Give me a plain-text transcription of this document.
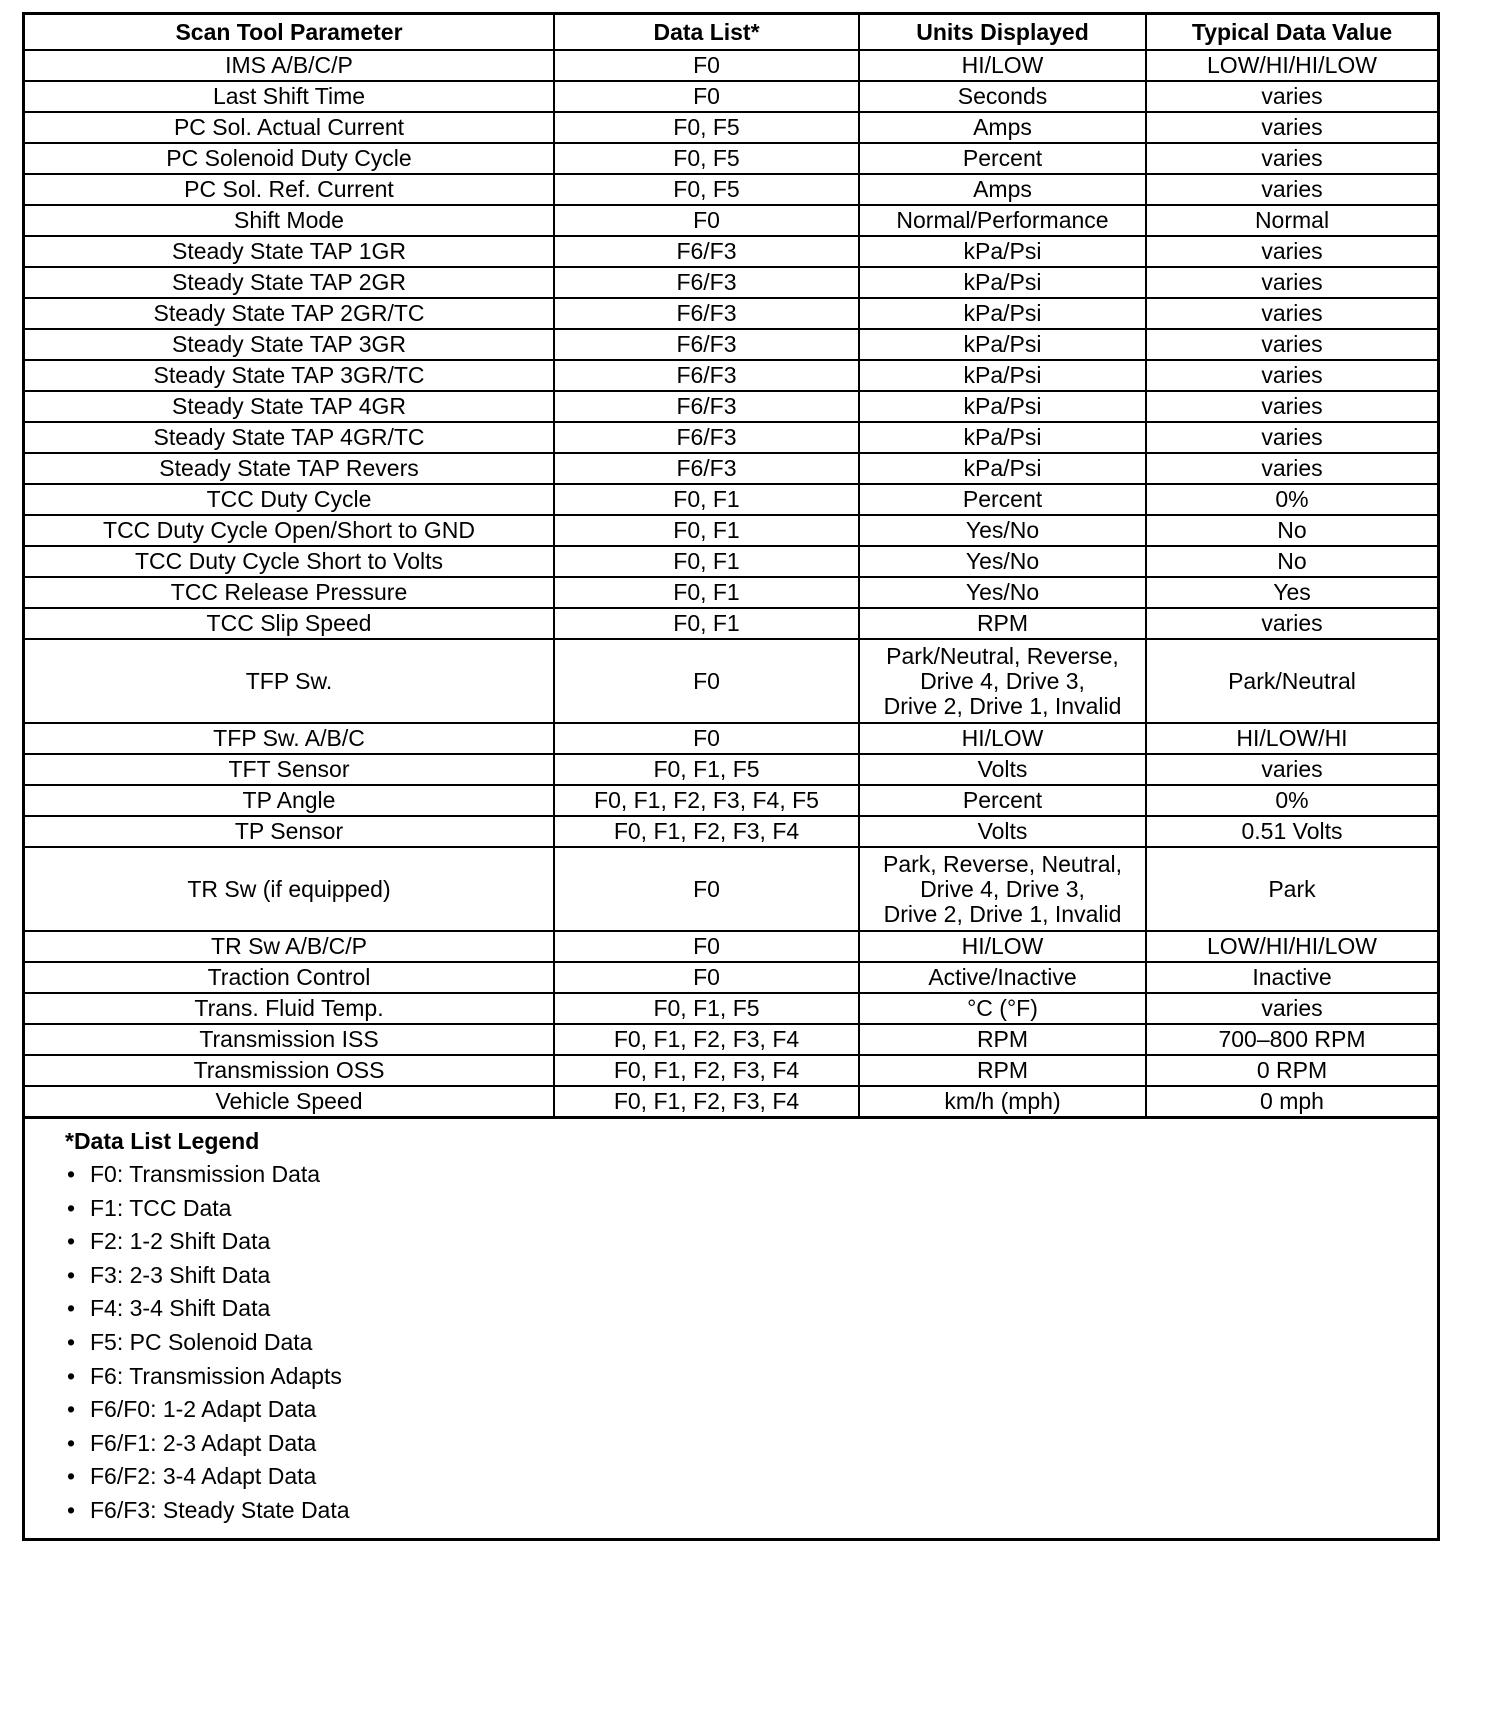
Scan Tool Parameter	Data List*	Units Displayed	Typical Data Value
IMS A/B/C/P	F0	HI/LOW	LOW/HI/HI/LOW
Last Shift Time	F0	Seconds	varies
PC Sol. Actual Current	F0, F5	Amps	varies
PC Solenoid Duty Cycle	F0, F5	Percent	varies
PC Sol. Ref. Current	F0, F5	Amps	varies
Shift Mode	F0	Normal/Performance	Normal
Steady State TAP 1GR	F6/F3	kPa/Psi	varies
Steady State TAP 2GR	F6/F3	kPa/Psi	varies
Steady State TAP 2GR/TC	F6/F3	kPa/Psi	varies
Steady State TAP 3GR	F6/F3	kPa/Psi	varies
Steady State TAP 3GR/TC	F6/F3	kPa/Psi	varies
Steady State TAP 4GR	F6/F3	kPa/Psi	varies
Steady State TAP 4GR/TC	F6/F3	kPa/Psi	varies
Steady State TAP Revers	F6/F3	kPa/Psi	varies
TCC Duty Cycle	F0, F1	Percent	0%
TCC Duty Cycle Open/Short to GND	F0, F1	Yes/No	No
TCC Duty Cycle Short to Volts	F0, F1	Yes/No	No
TCC Release Pressure	F0, F1	Yes/No	Yes
TCC Slip Speed	F0, F1	RPM	varies
TFP Sw.	F0	Park/Neutral, Reverse,
Drive 4, Drive 3,
Drive 2, Drive 1, Invalid	Park/Neutral
TFP Sw. A/B/C	F0	HI/LOW	HI/LOW/HI
TFT Sensor	F0, F1, F5	Volts	varies
TP Angle	F0, F1, F2, F3, F4, F5	Percent	0%
TP Sensor	F0, F1, F2, F3, F4	Volts	0.51 Volts
TR Sw (if equipped)	F0	Park, Reverse, Neutral,
Drive 4, Drive 3,
Drive 2, Drive 1, Invalid	Park
TR Sw A/B/C/P	F0	HI/LOW	LOW/HI/HI/LOW
Traction Control	F0	Active/Inactive	Inactive
Trans. Fluid Temp.	F0, F1, F5	°C (°F)	varies
Transmission ISS	F0, F1, F2, F3, F4	RPM	700–800 RPM
Transmission OSS	F0, F1, F2, F3, F4	RPM	0 RPM
Vehicle Speed	F0, F1, F2, F3, F4	km/h (mph)	0 mph
*Data List Legend
• F0: Transmission Data
• F1: TCC Data
• F2: 1-2 Shift Data
• F3: 2-3 Shift Data
• F4: 3-4 Shift Data
• F5: PC Solenoid Data
• F6: Transmission Adapts
• F6/F0: 1-2 Adapt Data
• F6/F1: 2-3 Adapt Data
• F6/F2: 3-4 Adapt Data
• F6/F3: Steady State Data
